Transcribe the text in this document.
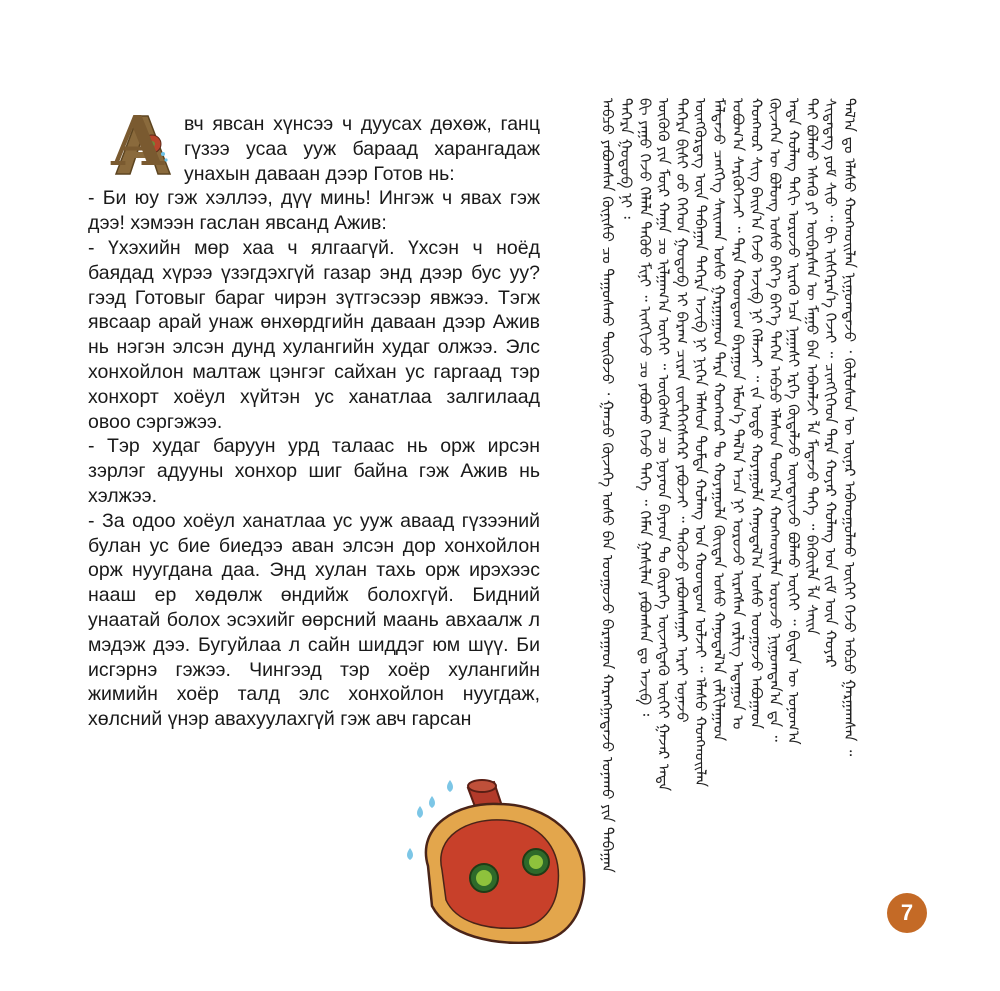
А вч явсан хүнсээ ч дуусах дөхөж, ганц гүзээ усаа ууж бараад харангадаж унахын даваан дээр Готов нь:

- Би юу гэж хэллээ, дүү минь! Ингэж ч явах гэж дээ! хэмээн гаслан явсанд Ажив:

- Үхэхийн мөр хаа ч ялгаагүй. Үхсэн ч ноёд баядад хүрээ үзэгдэхгүй газар энд дээр бус уу? гээд Готовыг бараг чирэн зүтгэсээр явжээ. Тэгж явсаар арай унаж өнхөрдгийн даваан дээр Ажив нь нэгэн элсэн дунд хулангийн худаг олжээ. Элс хонхойлон малтаж цэнгэг сайхан ус гаргаад тэр хонхорт хоёул хүйтэн ус ханатлаа залгилаад овоо сэргэжээ.

- Тэр худаг баруун урд талаас нь орж ирсэн зэрлэг адууны хонхор шиг байна гэж Ажив нь хэлжээ.

- За одоо хоёул ханатлаа ус ууж аваад гүзээний булан ус бие биедээ аван элсэн дор хонхойлон орж нуугдана даа. Энд хулан тахь орж ирэхээс нааш ер хөдөлж өндийж болохгүй. Бидний унаатай болох эсэхийг өөрсний маань авхаалж л мэдэж дээ. Бугуйлаа л сайн шиддэг юм шүү. Би исгэрнэ гэжээ. Чингээд тэр хоёр хулангийн жимийн хоёр талд элс хонхойлон нуугдаж, хөлсний үнэр авахуулахгүй гэж авч гарсан	ᠠᠪᠴᠤ ᠶᠠᠪᠤᠭᠰᠠᠨ ᠬᠦᠨᠢᠰᠦ ᠴᠤ ᠳᠠᠭᠤᠰᠬᠤ ᠳᠥᠬᠥᠵᠦ ᠂ ᠭᠠᠨᠴᠤ ᠭᠦᠵᠡᠭᠡ ᠤᠰᠤ ᠪᠠᠨ ᠤᠤᠭᠤᠵᠤ ᠪᠠᠷᠠᠭᠠᠳ ᠬᠠᠷᠠᠩᠭᠠᠳᠠᠵᠤ ᠤᠨᠠᠬᠤ ᠶᠢᠨ ᠳᠠᠪᠠᠭᠠᠨ ᠳᠡᠭᠡᠷᠡ ᠭᠣᠲᠣᠪ ᠨᠢ ᠄ ᠪᠢ ᠶᠠᠭᠤ ᠭᠡᠵᠦ ᠬᠡᠯᠡᠯᠡ ᠳᠡᠭᠦᠦ ᠮᠢᠨᠢ ᠃ ᠢᠩᠭᠢᠵᠦ ᠴᠤ ᠶᠠᠪᠤᠬᠤ ᠭᠡᠵᠦ ᠳᠡᠭᠡ ᠃ ᠬᠡᠮᠡᠨ ᠭᠠᠰᠢᠯᠠᠨ ᠶᠠᠪᠤᠭᠰᠠᠨ ᠳᠤ ᠠᠵᠢᠪ ᠄ ᠦᠬᠦᠬᠦ ᠶᠢᠨ ᠮᠥᠷ ᠬᠠᠭᠠ ᠴᠤ ᠢᠯᠭᠠᠭ᠎ᠠ ᠦᠭᠡᠢ ᠃ ᠦᠬᠦᠭᠰᠡᠨ ᠴᠤ ᠨᠣᠶᠠᠳ ᠪᠠᠶᠠᠳ ᠲᠤ ᠬᠦᠷᠡᠭᠡ ᠦᠵᠡᠭᠳᠡᠬᠦ ᠦᠭᠡᠢ ᠭᠠᠵᠠᠷ ᠡᠨᠳᠡ ᠳᠡᠭᠡᠷᠡ ᠪᠢᠰᠢ ᠤᠤ ᠭᠡᠭᠡᠳ ᠭᠣᠲᠣᠪ ᠢ ᠪᠠᠷᠠᠭ ᠴᠢᠷᠡᠨ ᠵᠦᠲᠭᠡᠭᠰᠡᠭᠡᠷ ᠶᠠᠪᠤᠵᠠᠢ ᠃ ᠲᠡᠭᠦᠵᠦ ᠶᠠᠪᠤᠭᠰᠠᠭᠠᠷ ᠠᠷᠠᠢ ᠤᠨᠠᠵᠤ ᠥᠩᠬᠥᠷᠳᠡᠭ ᠦᠨ ᠳᠠᠪᠠᠭᠠᠨ ᠳᠡᠭᠡᠷᠡ ᠠᠵᠢᠪ ᠨᠢ ᠨᠢᠭᠡᠨ ᠡᠯᠡᠰᠦᠨ ᠳᠤᠮᠳᠠ ᠬᠤᠯᠠᠩ ᠤᠨ ᠬᠤᠳᠳᠤᠭ ᠣᠯᠵᠠᠢ ᠃ ᠡᠯᠡᠰᠦ ᠬᠣᠩᠬᠣᠢᠯᠠᠨ ᠮᠠᠯᠲᠠᠵᠤ ᠴᠡᠩᠭᠡᠭ ᠰᠠᠢᠬᠠᠨ ᠤᠰᠤ ᠭᠠᠷᠭᠠᠭᠠᠳ ᠲᠡᠷᠡ ᠬᠣᠩᠬᠣᠷ ᠲᠤ ᠬᠣᠶᠠᠭᠤᠯᠠ ᠬᠦᠢᠲᠡᠨ ᠤᠰᠤ ᠬᠠᠨᠤᠲᠠᠯ᠎ᠠ ᠵᠠᠯᠭᠢᠯᠠᠭᠠᠳ ᠣᠪᠤᠭ᠎ᠠ ᠰᠡᠷᠭᠦᠭᠡᠵᠡᠢ ᠃ ᠲᠡᠷᠡ ᠬᠤᠳᠳᠤᠭ ᠪᠠᠷᠠᠭᠤᠨ ᠡᠮᠦᠨ᠎ᠡ ᠲᠠᠯ᠎ᠠ ᠠᠴᠠ ᠨᠢ ᠣᠷᠣᠵᠤ ᠢᠷᠡᠭᠰᠡᠨ ᠵᠡᠷᠯᠢᠭ ᠠᠳᠠᠭᠤᠨ ᠤ ᠬᠣᠩᠬᠣᠷ ᠰᠢᠭ ᠪᠠᠢᠨ᠎ᠠ ᠭᠡᠵᠦ ᠠᠵᠢᠪ ᠨᠢ ᠬᠡᠯᠡᠵᠡᠢ ᠃ ᠵᠠ ᠣᠳᠣ ᠬᠣᠶᠠᠭᠤᠯᠠ ᠬᠠᠨᠤᠲᠠᠯ᠎ᠠ ᠤᠰᠤ ᠤᠤᠭᠤᠵᠤ ᠠᠪᠤᠭᠠᠳ ᠭᠦᠵᠡᠭᠡᠨ ᠦ ᠪᠤᠯᠤᠩ ᠤᠰᠤ ᠪᠡᠶ᠎ᠡ ᠪᠡᠶ᠎ᠡ ᠳᠡᠭᠡᠨ ᠠᠪᠴᠤ ᠡᠯᠡᠰᠦᠨ ᠳᠣᠣᠷ᠎ᠠ ᠬᠣᠩᠬᠣᠢᠯᠠᠨ ᠣᠷᠣᠵᠤ ᠨᠢᠭᠤᠭᠳᠠᠨ᠎ᠠ ᠳᠠ ᠃ ᠡᠨᠳᠡ ᠬᠤᠯᠠᠩ ᠲᠠᠬᠢ ᠣᠷᠣᠵᠤ ᠢᠷᠡᠬᠦ ᠡᠴᠡ ᠨᠠᠭᠠᠰᠢ ᠡᠷᠭᠡ ᠬᠥᠳᠡᠯᠵᠦ ᠥᠨᠳᠡᠢᠵᠦ ᠪᠣᠯᠬᠤ ᠦᠭᠡᠢ ᠃ ᠪᠢᠳᠡᠨ ᠦ ᠤᠨᠤᠭ᠎ᠠ ᠲᠠᠢ ᠪᠣᠯᠬᠤ ᠡᠰᠡᠬᠦ ᠶᠢ ᠥᠪᠡᠷᠰᠡᠨ ᠦ ᠮᠠᠭᠤ ᠪᠠᠨ ᠠᠪᠬᠠᠯᠵᠢ ᠯᠠ ᠮᠡᠳᠡᠵᠦ ᠳᠡᠭᠡ ᠃ ᠪᠡᠭᠦᠢᠯᠠ ᠯᠠ ᠰᠠᠢᠨ ᠰᠢᠳᠡᠳᠡᠭ ᠶᠤᠮ ᠰᠢᠦ ᠃ ᠪᠢ ᠢᠰᠬᠡᠷᠡᠨ᠎ᠡ ᠭᠡᠵᠡᠢ ᠃ ᠴᠢᠩᠭᠢᠭᠡᠳ ᠲᠡᠷᠡ ᠬᠣᠶᠠᠷ ᠬᠤᠯᠠᠩ ᠤᠨ ᠵᠢᠮ ᠦᠨ ᠬᠣᠶᠠᠷ ᠲᠠᠯ᠎ᠠ ᠳᠤ ᠡᠯᠡᠰᠦ ᠬᠣᠩᠬᠣᠢᠯᠠᠨ ᠨᠢᠭᠤᠭᠳᠠᠵᠤ ᠂ ᠬᠥᠯᠥᠰᠦᠨ ᠦ ᠦᠨᠡᠷ ᠠᠪᠬᠤᠭᠤᠯᠬᠤ ᠦᠭᠡᠢ ᠭᠡᠵᠦ ᠠᠪᠴᠤ ᠭᠠᠷᠭᠠᠭᠰᠠᠨ ᠃
7
